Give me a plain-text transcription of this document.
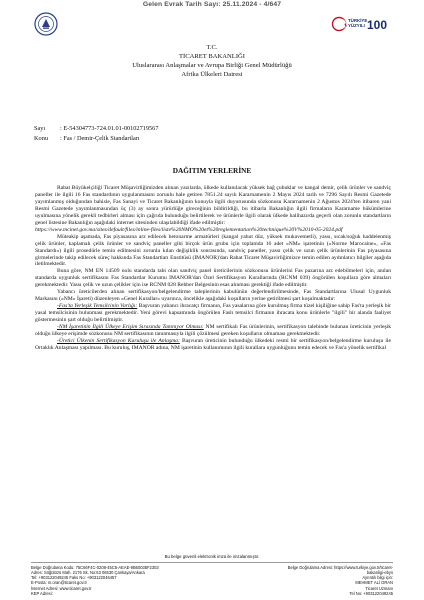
Gelen Evrak Tarih Sayı: 25.11.2024 - 4/647
TÜRKİYE
YÜZYILI 100
T.C.
TİCARET BAKANLIĞI
Uluslararası Anlaşmalar ve Avrupa Birliği Genel Müdürlüğü
Afrika Ülkeleri Dairesi
Sayı : E-54304773-724.01.01-00102719567
Konu : Fas / Demir-Çelik Standartları
DAĞITIM YERLERİNE

Rabat Büyükelçiliği Ticaret Müşavirliğimizden alınan yazılarda, ülkede kullanılacak yüksek bağ çubuklar ve kangal demir, çelik ürünler ve sandviç paneller ile ilgili 16 Fas standardının uygulanmasını zorunlu hale getiren 7851.24 sayılı Kararnamenin 2 Mayıs 2024 tarih ve 7296 Sayılı Resmi Gazetede yayımlanmış olduğundan bahisle, Fas Sanayi ve Ticaret Bakanlığının konuyla ilgili duyurusunda sözkonusu Kararnamenin 2 Ağustos 2024'ten itibaren yani Resmi Gazetede yayımlanmasından üç (3) ay sonra yürürlüğe gireceğinin bildirildiği, bu itibarla Bakanlığın ilgili firmaların Kararname hükümlerine uyulmasına yönelik gerekli tedbirleri alması için çağrıda bulunduğu belirtilerek ve ürünlerle ilgili olarak ülkede halihazırda geçerli olan zorunlu standartların genel listesine Bakanlığın aşağıdaki internet sitesinden ulaşılabildiği ifade edilmiştir:

https://www.mcinet.gov.ma/sites/default/files/inline-files/liste%20NMO%20et%20reglementation%20technique%20V%2010-05-2024.pdf

Müteakip aşamada, Fas piyasasına arz edilecek betonarme armatürleri (kangal yahut düz, yüksek mukavemetli), yassı, sıcak/soğuk haddelenmiş çelik ürünler, kaplamalı çelik ürünler ve sandviç paneller gibi birçok ürün grubu için toplamda 16 adet «NM» işaretinin («Norme Marocaine», «Fas Standardı») ilgili prosedürle temin edilmesini zorunlu kılan değişiklik sonrasında, sandviç paneller, yassı çelik ve uzun çelik ürünlerinin Fas piyasasına girmelerinde takip edilecek süreç hakkında Fas Standartları Enstitüsü (IMANOR)'dan Rabat Ticaret Müşavirliğimizce temin edilen aydınlatıcı bilgiler aşağıda iletilmektedir.

Buna göre, NM EN 14509 nolu standarda tabi olan sandviç panel üreticilerinin sözkonusu ürünlerini Fas pazarına arz edebilmeleri için, anılan standarda uygunluk sertifikasını Fas Standartlar Kurumu IMANOR'dan Özel Sertifikasyon Kurallarında (RCNM 039) öngörülen koşullara göre almaları gerekmektedir. Yassı çelik ve uzun çelikler için ise RCNM 028 Rehber Belgesinin esas alınması gerektiği ifade edilmiştir.

Yabancı üreticilerden alınan sertifikasyon/belgelendirme taleplerinin kabulünün değerlendirilmesinde, Fas Standartlarına Ulusal Uygunluk Markasını («NM» İşareti) düzenleyen «Genel Kurallar» uyarınca, öncelikle aşağıdaki koşulların yerine getirilmesi şart koşulmaktadır:

-Fas'ta Yerleşik Temsilcinin Varlığı: Başvuran yabancı ihracatçı firmanın, Fas yasalarına göre kurulmuş firma tüzel kişiliğine sahip Fas'ta yerleşik bir yasal temsilcisinin bulunması gerekmektedir. Yeni görevi kapsamında öngörülen Faslı temsilci firmanın ihracata konu ürünlerle "ilgili" bir alanda faaliyet göstermesinin şart olduğu belirtilmiştir.

-NM İşaretinin İlgili Ülkeye Erişim Sırasında Tanınıyor Olması: NM sertifikalı Fas ürünlerinin, sertifikasyon talebinde bulunan üreticinin yerleşik olduğu ülkeye erişimde sözkonusu NM sertifikasının tanınmasıyla ilgili çözülmesi gereken koşulların olmaması gerekmektedir.

-Üretici Ülkenin Sertifikasyon Kuruluşu ile Anlaşma: Başvuran üreticinin bulunduğu ülkedeki resmi bir sertifikasyon/belgelendirme kuruluşu ile Ortaklık Anlaşması yapılması. Bu kuruluş, IMANOR adına, NM işaretinin kullanımının ilgili kurallara uygunluğunu temin edecek ve Fas'a yönelik sertifikal

Bu belge güvenli elektronik imza ile imzalanmıştır.
Belge Doğrulama Kodu: 75C66F4C-0208-45C5-AEAE-9B60035F2303
Adres: Söğütözü Mah. 2176 Sk. No:63 06530 Çankaya/Ankara
Tel: +903122049245 Faks No: +903122046457
E-Posta: m.oran@ticaret.gov.tr
İnternet Adresi: www.ticaret.gov.tr
KEP Adresi:
Belge Doğrulama Adresi: https://www.turkiye.gov.tr/ticaret-bakanligi-ebys
Ayrıntılı bilgi için:
MEHMET ALİ ORAN
Ticaret Uzmanı
Tel No: +903122049245
